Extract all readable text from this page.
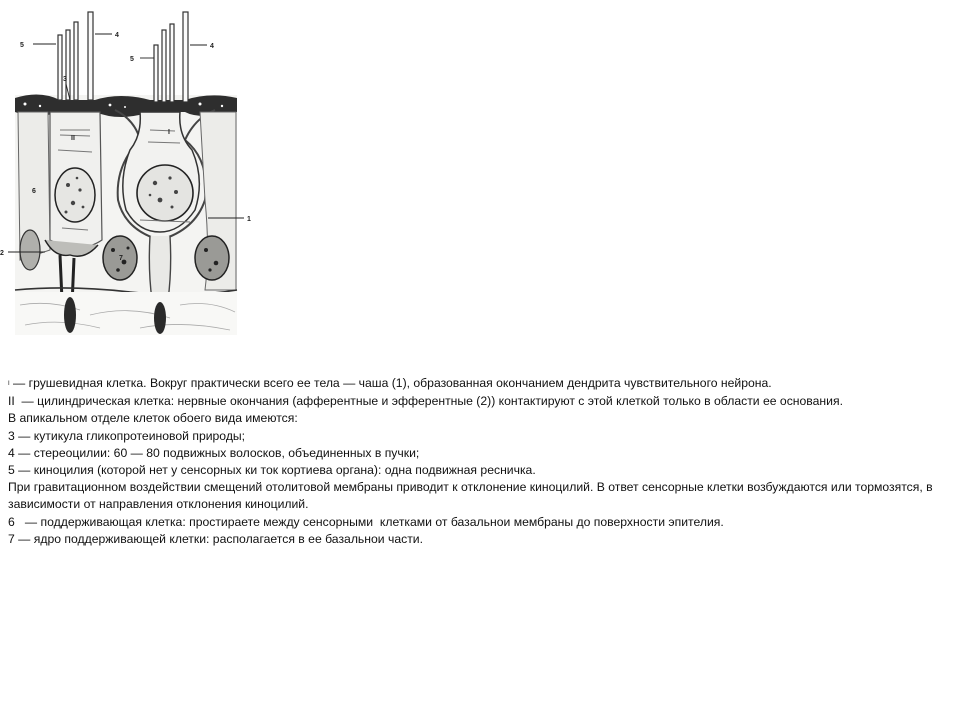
5
4
3
5
4
1
2
6
7
I
II

I — грушевидная клетка. Вокруг практически всего ее тела — чаша (1), образованная окончанием дендрита чувствительного нейрона.

II  — цилиндрическая клетка: нервные окончания (афферентные и эфферентные (2)) контактируют с этой клеткой только в области ее основания.

В апикальном отделе клеток обоего вида имеются:

3 — кутикула гликопротеиновой природы;

4 — стереоцилии: 60 — 80 подвижных волосков, объединенных в пучки;

5 — киноцилия (которой нет у сенсорных ки ток кортиева органа): одна подвижная ресничка.

При гравитационном воздействии смещений отолитовой мембраны приводит к отклонение киноцилий. В ответ сенсорные клетки возбуждаются или тормозятся, в зависимости от направления отклонения киноцилий.

6   — поддерживающая клетка: простираете между сенсорными  клетками от базальнои мембраны до поверхности эпителия.

7 — ядро поддерживающей клетки: располагается в ее базальнои части.
